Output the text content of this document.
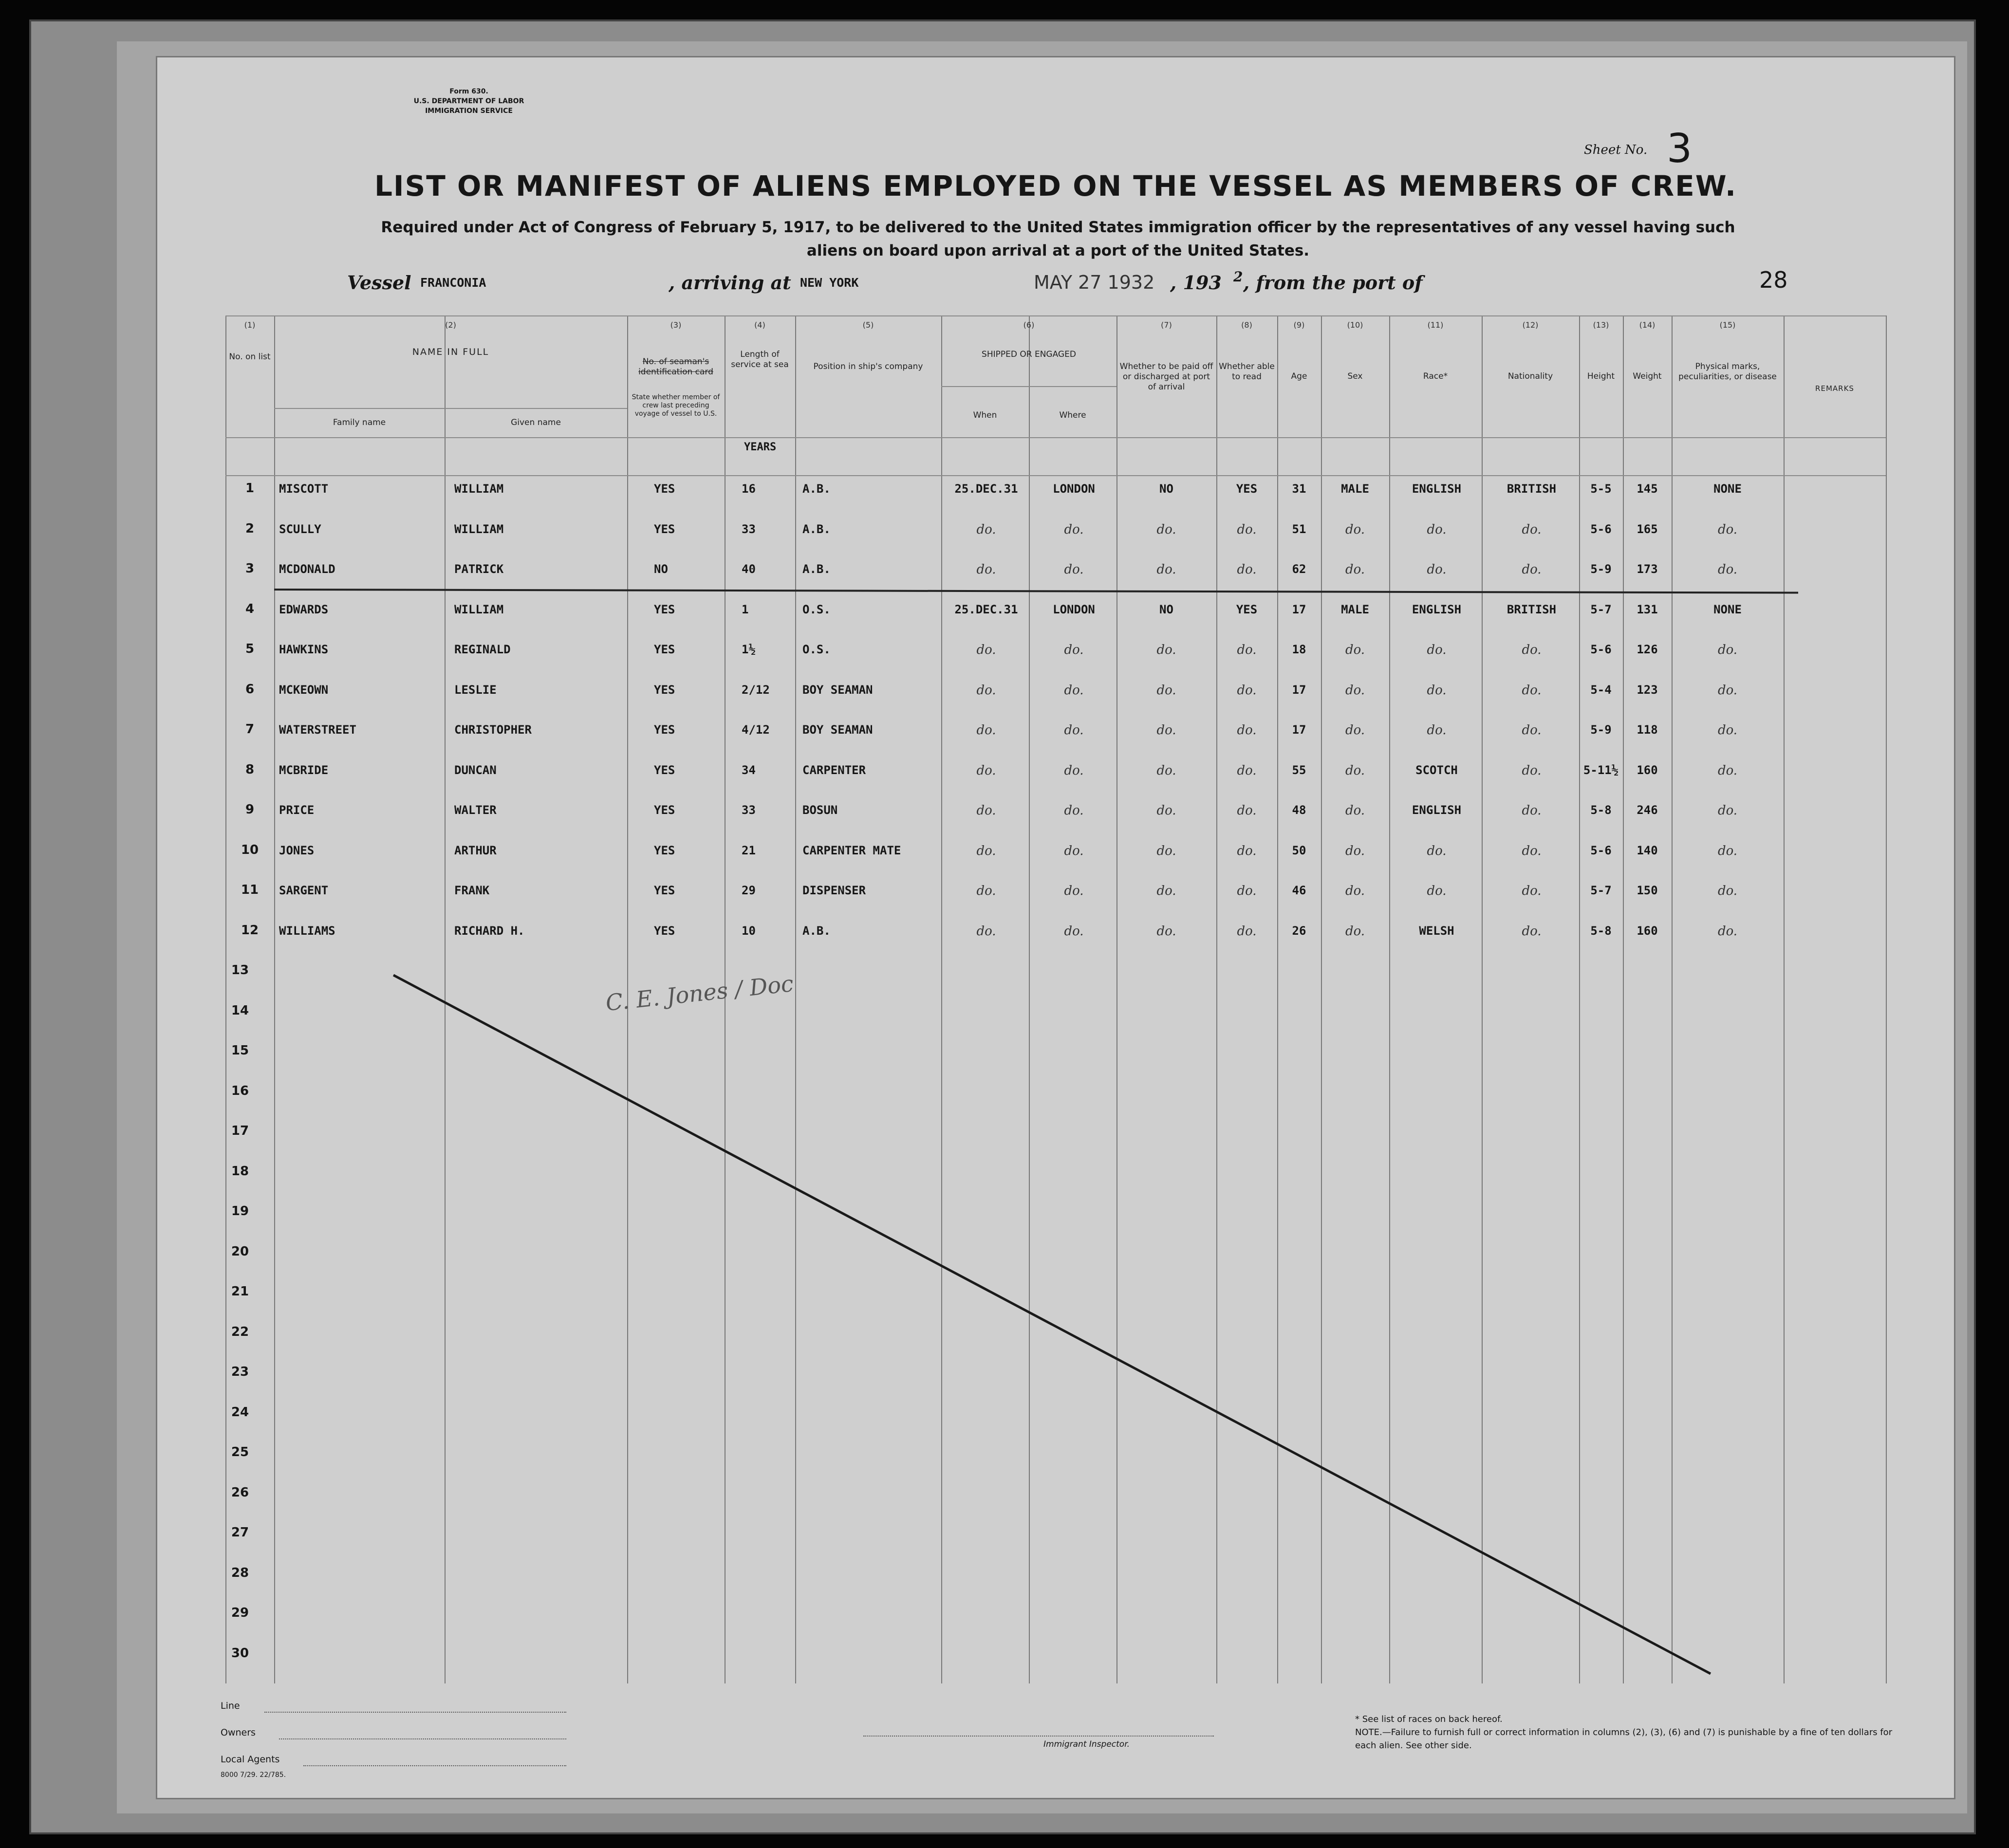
Form 630.
U.S. DEPARTMENT OF LABOR
IMMIGRATION SERVICE
Sheet No. 3
LIST OR MANIFEST OF ALIENS EMPLOYED ON THE VESSEL AS MEMBERS OF CREW.
Required under Act of Congress of February 5, 1917, to be delivered to the United States immigration officer by the representatives of any vessel having such
aliens on board upon arrival at a port of the United States.
Vessel FRANCONIA	, arriving at NEW YORK	MAY 27 1932 , 193 2 , from the port of	28
(1)	(2)	(3)	(4)	(5)	(6)	(7)	(8)	(9)	(10)	(11)	(12)	(13)	(14)	(15)
No. on list	NAME IN FULL
Family name	Given name
No. of seaman's identification card
State whether member of crew last preceding voyage of vessel to U.S.
Length of service at sea	Position in ship's company
SHIPPED OR ENGAGED
When	Where
Whether to be paid off or discharged at port of arrival
Whether able to read	Age	Sex	Race*	Nationality	Height	Weight
Physical marks, peculiarities, or disease
REMARKS
YEARS
1	MISCOTT	WILLIAM	YES	16	A.B.	25.DEC.31	LONDON	NO	YES	31	MALE	ENGLISH	BRITISH	5-5	145	NONE
2	SCULLY	WILLIAM	YES	33	A.B.	do.	do.	do.	do.	51	do.	do.	do.	5-6	165	do.
3	MCDONALD	PATRICK	NO	40	A.B.	do.	do.	do.	do.	62	do.	do.	do.	5-9	173	do.
4	EDWARDS	WILLIAM	YES	1	O.S.	25.DEC.31	LONDON	NO	YES	17	MALE	ENGLISH	BRITISH	5-7	131	NONE
5	HAWKINS	REGINALD	YES	1½	O.S.	do.	do.	do.	do.	18	do.	do.	do.	5-6	126	do.
6	MCKEOWN	LESLIE	YES	2/12	BOY SEAMAN	do.	do.	do.	do.	17	do.	do.	do.	5-4	123	do.
7	WATERSTREET	CHRISTOPHER	YES	4/12	BOY SEAMAN	do.	do.	do.	do.	17	do.	do.	do.	5-9	118	do.
8	MCBRIDE	DUNCAN	YES	34	CARPENTER	do.	do.	do.	do.	55	do.	SCOTCH	do.	5-11½	160	do.
9	PRICE	WALTER	YES	33	BOSUN	do.	do.	do.	do.	48	do.	ENGLISH	do.	5-8	246	do.
10	JONES	ARTHUR	YES	21	CARPENTER MATE	do.	do.	do.	do.	50	do.	do.	do.	5-6	140	do.
11	SARGENT	FRANK	YES	29	DISPENSER	do.	do.	do.	do.	46	do.	do.	do.	5-7	150	do.
12	WILLIAMS	RICHARD H.	YES	10	A.B.	do.	do.	do.	do.	26	do.	WELSH	do.	5-8	160	do.
13
14
15
16
17
18
19
20
21
22
23
24
25
26
27
28
29
30
C. E. Jones / Doc
Line
Owners
Local Agents
Immigrant Inspector.
8000 7/29. 22/785.
* See list of races on back hereof.
NOTE.—Failure to furnish full or correct information in columns (2), (3), (6) and (7) is punishable by a fine of ten dollars for each alien. See other side.
